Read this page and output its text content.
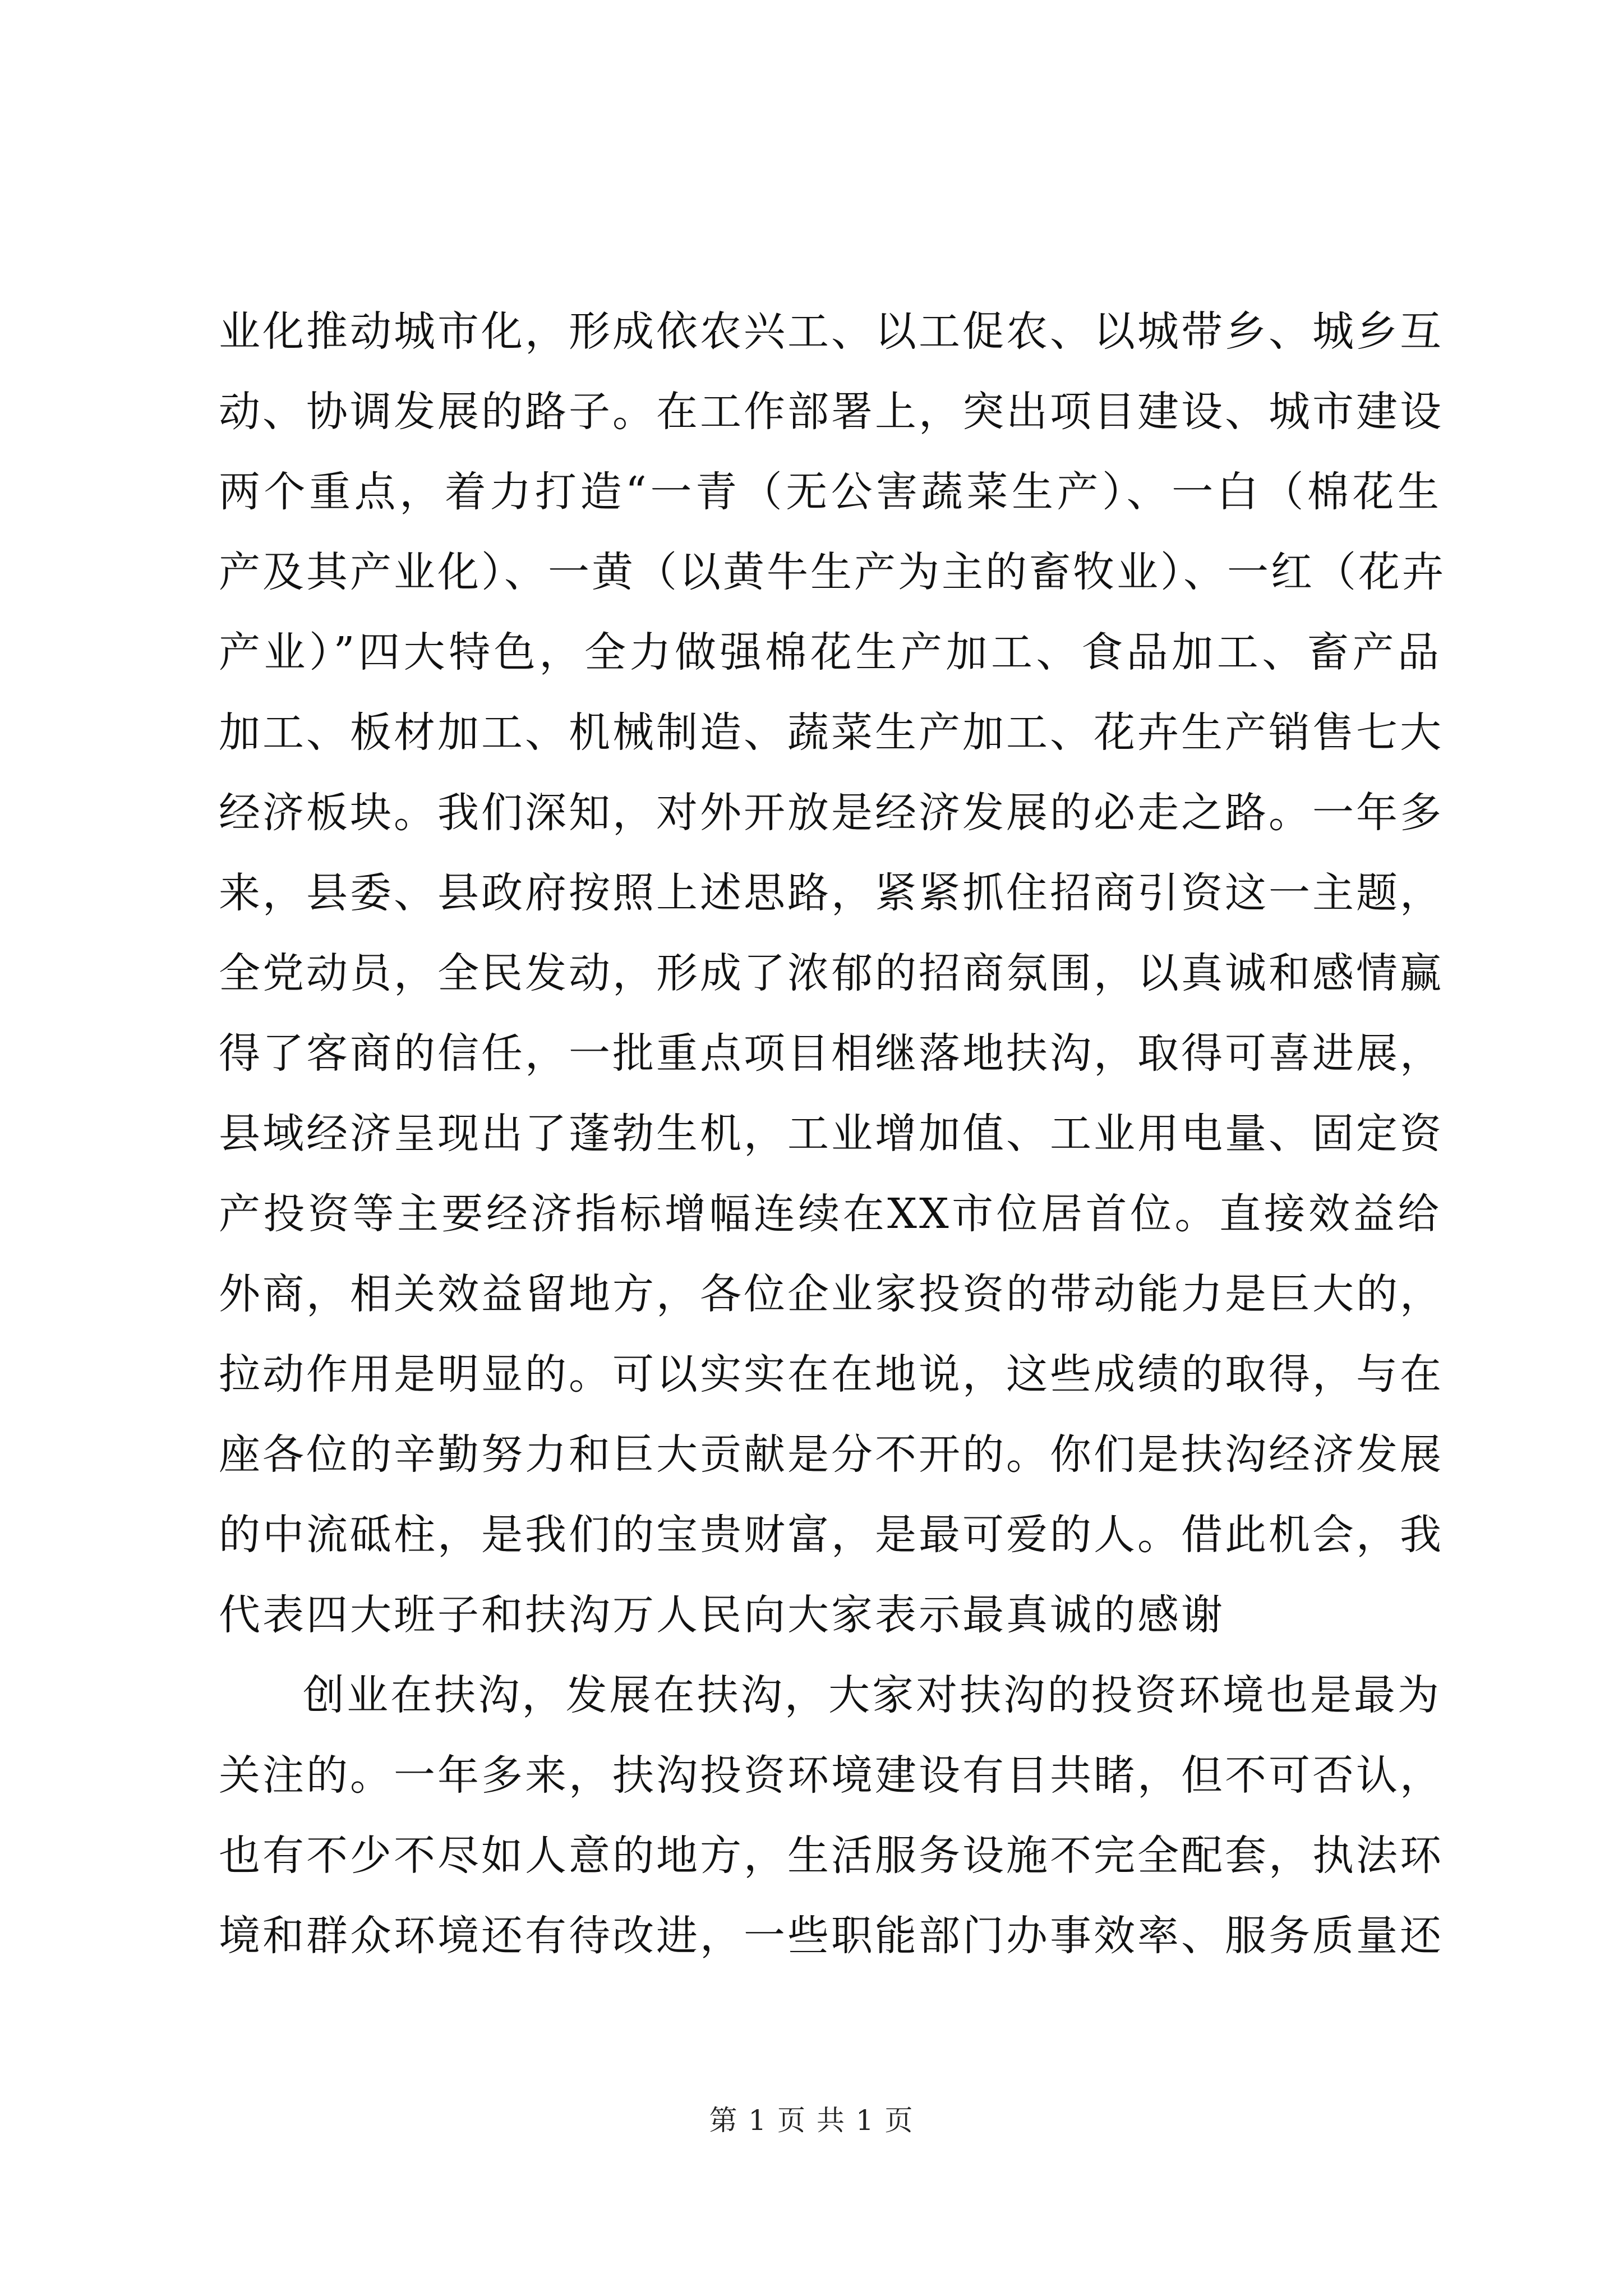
业化推动城市化，形成依农兴工、以工促农、以城带乡、城乡互
动、协调发展的路子。在工作部署上，突出项目建设、城市建设
两个重点，着力打造“一青（无公害蔬菜生产）、一白（棉花生
产及其产业化）、一黄（以黄牛生产为主的畜牧业）、一红（花卉
产业）”四大特色，全力做强棉花生产加工、食品加工、畜产品
加工、板材加工、机械制造、蔬菜生产加工、花卉生产销售七大
经济板块。我们深知，对外开放是经济发展的必走之路。一年多
来，县委、县政府按照上述思路，紧紧抓住招商引资这一主题，
全党动员，全民发动，形成了浓郁的招商氛围，以真诚和感情赢
得了客商的信任，一批重点项目相继落地扶沟，取得可喜进展，
县域经济呈现出了蓬勃生机，工业增加值、工业用电量、固定资
产投资等主要经济指标增幅连续在XX市位居首位。直接效益给
外商，相关效益留地方，各位企业家投资的带动能力是巨大的，
拉动作用是明显的。可以实实在在地说，这些成绩的取得，与在
座各位的辛勤努力和巨大贡献是分不开的。你们是扶沟经济发展
的中流砥柱，是我们的宝贵财富，是最可爱的人。借此机会，我
代表四大班子和扶沟万人民向大家表示最真诚的感谢
创业在扶沟，发展在扶沟，大家对扶沟的投资环境也是最为
关注的。一年多来，扶沟投资环境建设有目共睹，但不可否认，
也有不少不尽如人意的地方，生活服务设施不完全配套，执法环
境和群众环境还有待改进，一些职能部门办事效率、服务质量还
第 1 页 共 1 页
